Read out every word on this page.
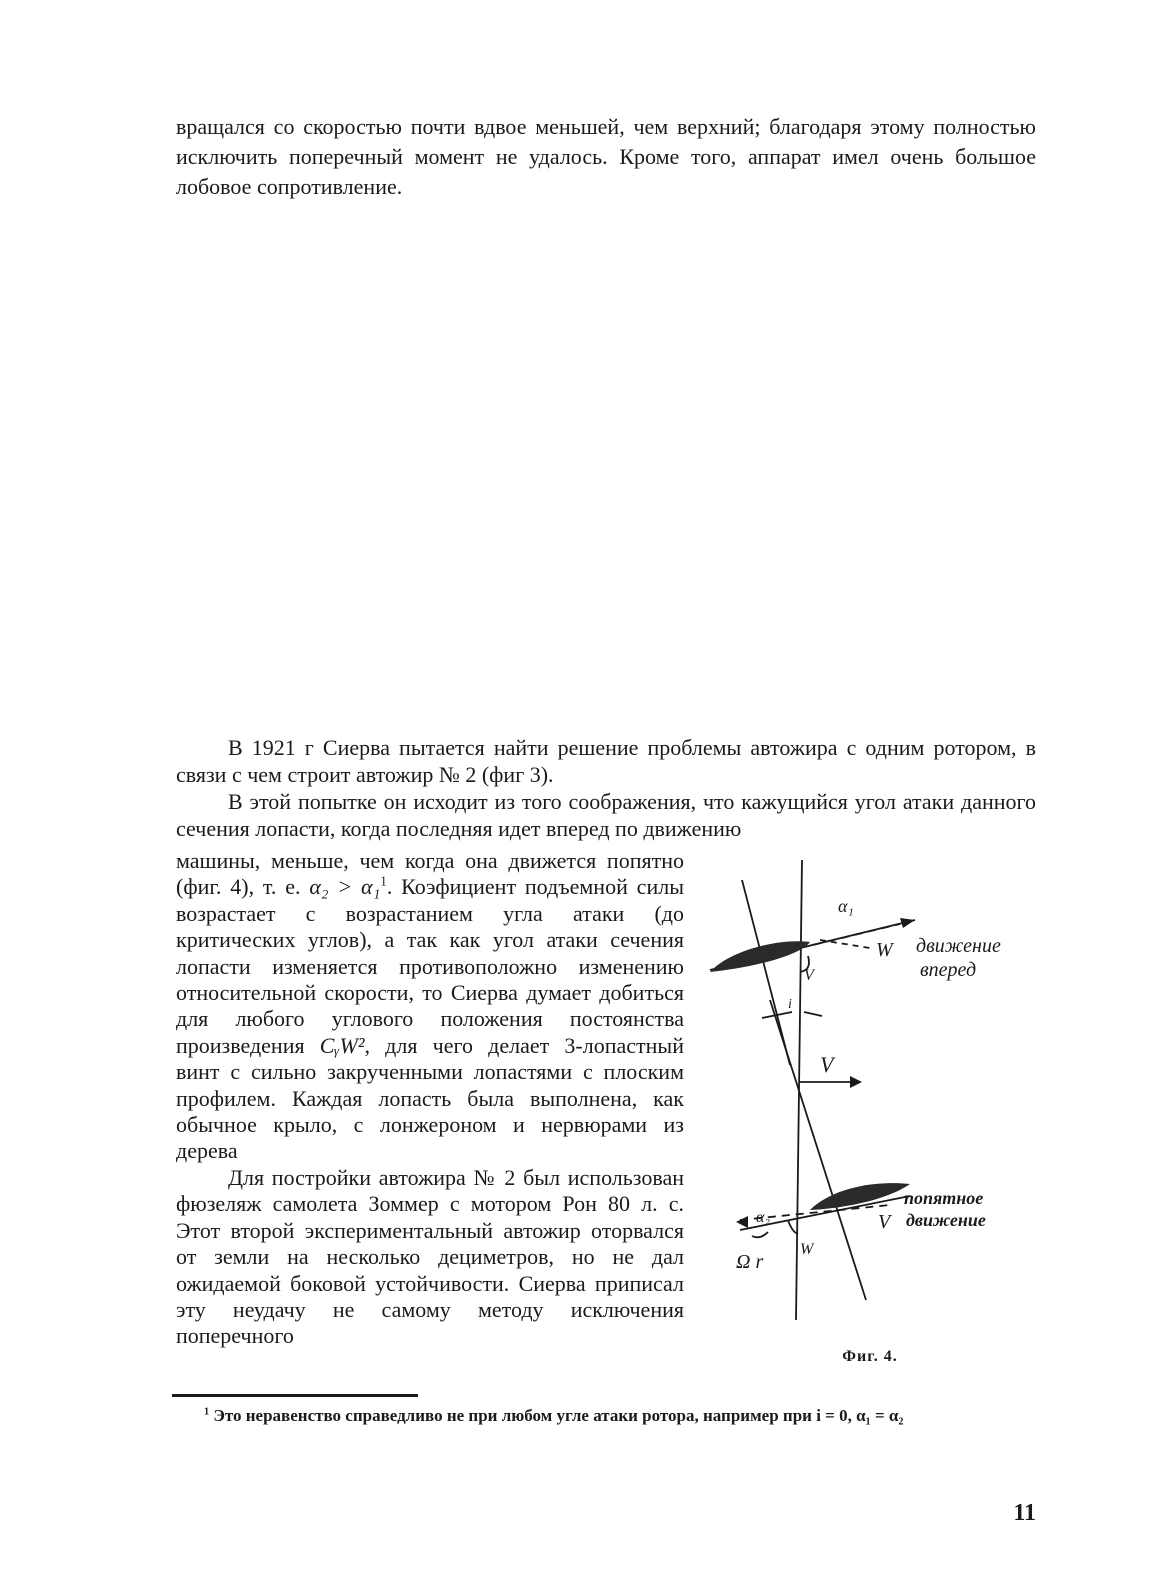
вращался со скоростью почти вдвое меньшей, чем верхний; благодаря этому полностью исключить поперечный момент не удалось. Кроме того, аппарат имел очень большое лобовое сопротивление.

В 1921 г Сиерва пытается найти решение проблемы автожира с одним ротором, в связи с чем строит автожир № 2 (фиг 3).

В этой попытке он исходит из того соображения, что кажущийся угол атаки данного сечения лопасти, когда последняя идет вперед по движению

машины, меньше, чем когда она движется попятно (фиг. 4), т. е. α₂ > α₁$^1$. Коэфициент подъемной силы возрастает с возрастанием угла атаки (до критических углов), а так как угол атаки сечения лопасти изменяется противоположно изменению относительной скорости, то Сиерва думает добиться для любого углового положения постоянства произведения CᵧW², для чего делает 3-лопастный винт с сильно закрученными лопастями с плоским профилем. Каждая лопасть была выполнена, как обычное крыло, с лонжероном и нервюрами из дерева

Для постройки автожира № 2 был использован фюзеляж самолета Зоммер с мотором Рон 80 л. с. Этот второй экспериментальный автожир оторвался от земли на несколько дециметров, но не дал ожидаемой боковой устойчивости. Сиерва приписал эту неудачу не самому методу исключения поперечного

α₁
W
V
движение
вперед
i
V
попятное
движение
α₂	V
W
Ω r
Фиг. 4.

$^1$ Это неравенство справедливо не при любом угле атаки ротора, например при i = 0, α₁ = α₂

11
